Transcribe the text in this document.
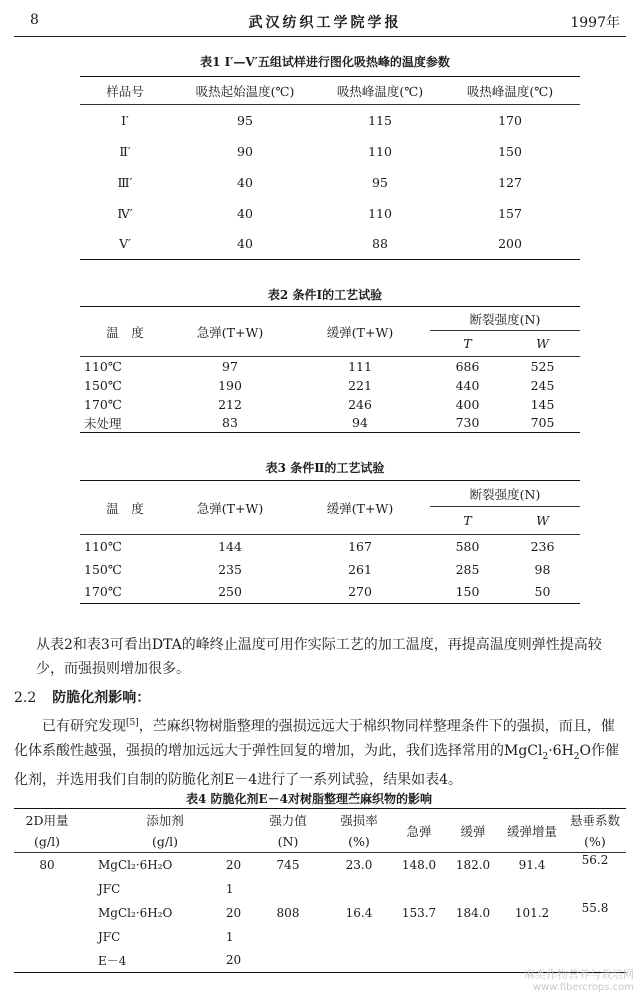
8	武汉纺织工学院学报	1997年
表1 Ⅰ′—Ⅴ′五组试样进行图化吸热峰的温度参数
样品号	吸热起始温度(℃)	吸热峰温度(℃)	吸热峰温度(℃)
Ⅰ′	95	115	170
Ⅱ′	90	110	150
Ⅲ′	40	95	127
Ⅳ′	40	110	157
Ⅴ′	40	88	200
表2 条件Ⅰ的工艺试验
温　度	急弹(T+W)	缓弹(T+W)	断裂强度(N)	
			T	W
110℃	97	111	686	525
150℃	190	221	440	245
170℃	212	246	400	145
未处理	83	94	730	705
表3 条件Ⅱ的工艺试验
温　度	急弹(T+W)	缓弹(T+W)	断裂强度(N)	
			T	W
110℃	144	167	580	236
150℃	235	261	285	98
170℃	250	270	150	50
从表2和表3可看出DTA的峰终止温度可用作实际工艺的加工温度，再提高温度则弹性提高较少，而强损则增加很多。
2.2 防脆化剂影响：
已有研究发现[5]，苎麻织物树脂整理的强损远远大于棉织物同样整理条件下的强损，而且，催化体系酸性越强，强损的增加远远大于弹性回复的增加，为此，我们选择常用的$MgCl_2\cdot 6H_2O$作催化剂，并选用我们自制的防脆化剂E－4进行了一系列试验，结果如表4。
表4 防脆化剂E－4对树脂整理苎麻织物的影响
2D用量	添加剂		强力值	强损率	急弹	缓弹	缓弹增量	悬垂系数
(g/l)	(g/l)		(N)	(%)				(%)
80	MgCl₂·6H₂O	20	745	23.0	148.0	182.0	91.4	56.2
	JFC	1						
	MgCl₂·6H₂O	20	808	16.4	153.7	184.0	101.2	55.8
	JFC	1						
	E－4	20						
麻类作物营养与栽培网
www.fibercrops.com
